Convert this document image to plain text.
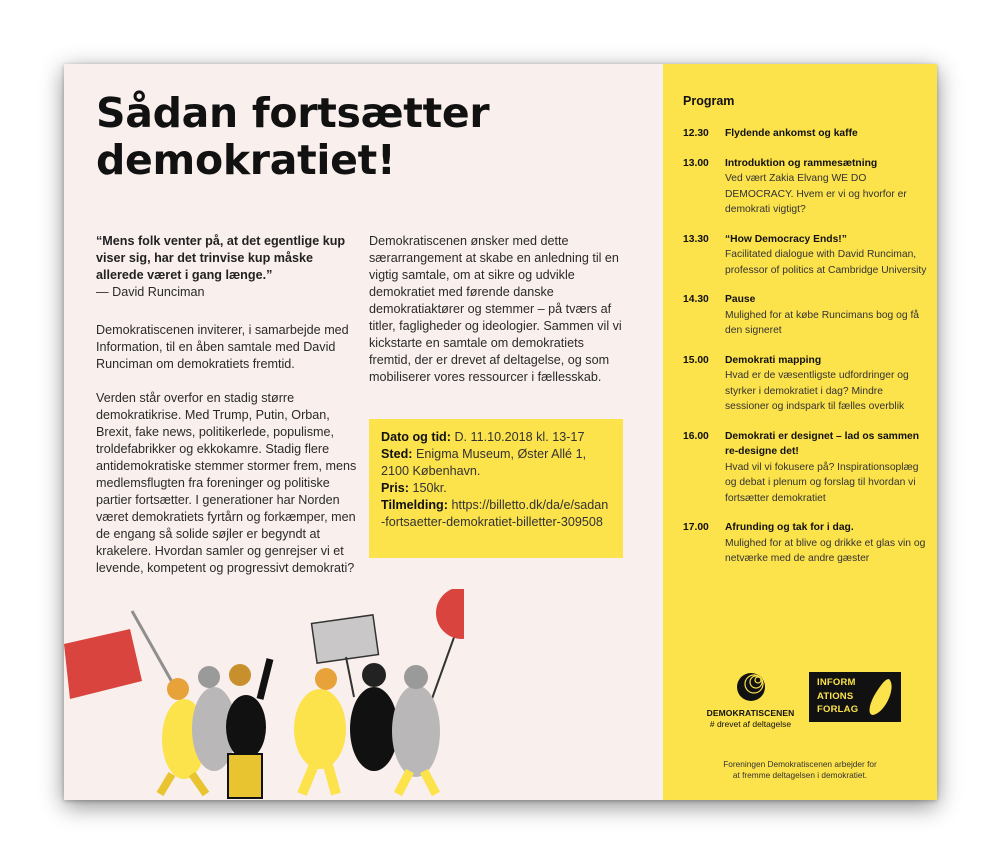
Sådan fortsætter
demokratiet!
“Mens folk venter på, at det egentlige kup viser sig, har det trinvise kup måske allerede været i gang længe.”
— David Runciman

Demokratiscenen inviterer, i samarbejde med Information, til en åben samtale med David Runciman om demokratiets fremtid.

Verden står overfor en stadig større demokratikrise. Med Trump, Putin, Orban, Brexit, fake news, politikerlede, populisme, troldefabrikker og ekkokamre. Stadig flere antidemokratiske stemmer stormer frem, mens medlemsflugten fra foreninger og politiske partier fortsætter. I generationer har Norden været demokratiets fyrtårn og forkæmper, men de engang så solide søjler er begyndt at krakelere. Hvordan samler og genrejser vi et levende, kompetent og progressivt demokrati?

Demokratiscenen ønsker med dette særarrangement at skabe en anledning til en vigtig samtale, om at sikre og udvikle demokratiet med førende danske demokratiaktører og stemmer – på tværs af titler, fagligheder og ideologier. Sammen vil vi kickstarte en samtale om demokratiets fremtid, der er drevet af deltagelse, og som mobiliserer vores ressourcer i fællesskab.

Dato og tid: D. 11.10.2018 kl. 13-17
Sted: Enigma Museum, Øster Allé 1, 2100 København.
Pris: 150kr.
Tilmelding: https://billetto.dk/da/e/sadan-fortsaetter-demokratiet-billetter-309508
Program
12.30 Flydende ankomst og kaffe
13.00 Introduktion og rammesætning
Ved vært Zakia Elvang WE DO DEMOCRACY. Hvem er vi og hvorfor er demokrati vigtigt?
13.30 “How Democracy Ends!”
Facilitated dialogue with David Runciman, professor of politics at Cambridge University
14.30 Pause
Mulighed for at købe Runcimans bog og få den signeret
15.00 Demokrati mapping
Hvad er de væsentligste udfordringer og styrker i demokratiet i dag? Mindre sessioner og indspark til fælles overblik
16.00 Demokrati er designet – lad os sammen re-designe det!
Hvad vil vi fokusere på? Inspirationsoplæg og debat i plenum og forslag til hvordan vi fortsætter demokratiet
17.00 Afrunding og tak for i dag.
Mulighed for at blive og drikke et glas vin og netværke med de andre gæster
DEMOKRATISCENEN
# drevet af deltagelse
INFORM
ATIONS
FORLAG
Foreningen Demokratiscenen arbejder for
at fremme deltagelsen i demokratiet.
